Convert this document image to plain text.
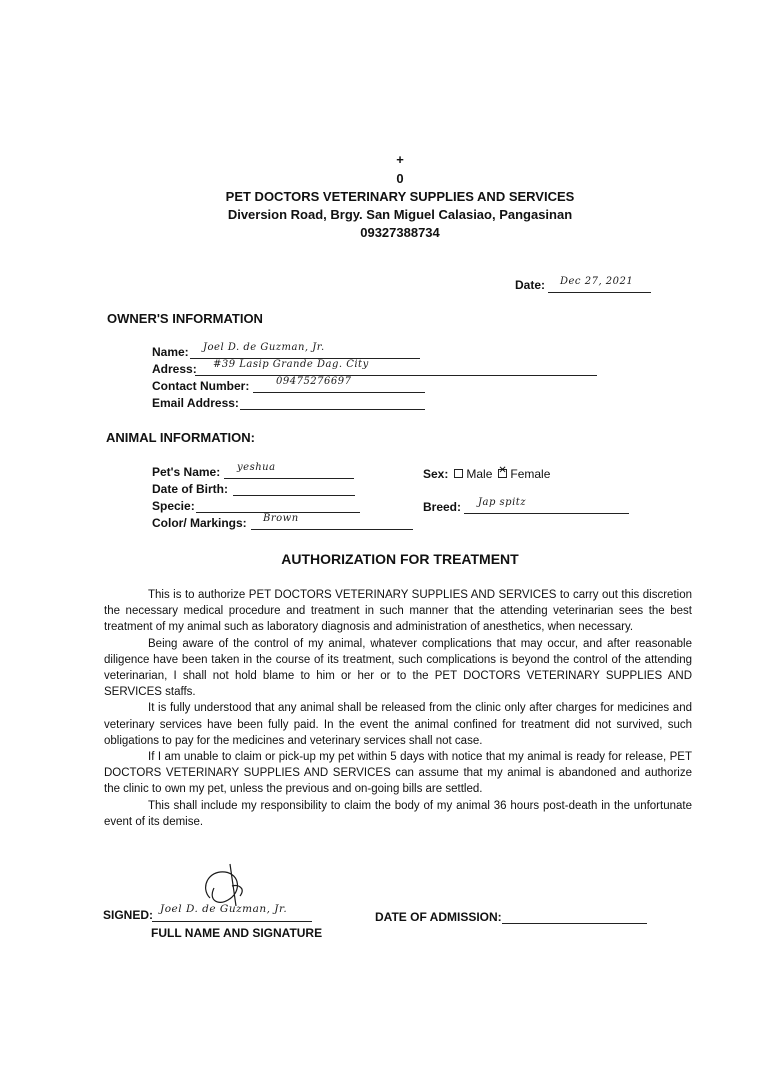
+
0
PET DOCTORS VETERINARY SUPPLIES AND SERVICES
Diversion Road, Brgy. San Miguel Calasiao, Pangasinan
09327388734
Date: Dec 27, 2021
OWNER'S INFORMATION
Name: Joel D. de Guzman, Jr.
Adress: #39 Lasip Grande Dag. City
Contact Number:	09475276697
Email Address:
ANIMAL INFORMATION:
Pet's Name: yeshua
Date of Birth:
Specie:
Color/ Markings: Brown
Sex: Male✕ Female
Breed: Jap spitz
AUTHORIZATION FOR TREATMENT

This is to authorize PET DOCTORS VETERINARY SUPPLIES AND SERVICES to carry out this discretion the necessary medical procedure and treatment in such manner that the attending veterinarian sees the best treatment of my animal such as laboratory diagnosis and administration of anesthetics, when necessary.

Being aware of the control of my animal, whatever complications that may occur, and after reasonable diligence have been taken in the course of its treatment, such complications is beyond the control of the attending veterinarian, I shall not hold blame to him or her or to the PET DOCTORS VETERINARY SUPPLIES AND SERVICES staffs.

It is fully understood that any animal shall be released from the clinic only after charges for medicines and veterinary services have been fully paid. In the event the animal confined for treatment did not survived, such obligations to pay for the medicines and veterinary services shall not case.

If I am unable to claim or pick-up my pet within 5 days with notice that my animal is ready for release, PET DOCTORS VETERINARY SUPPLIES AND SERVICES can assume that my animal is abandoned and authorize the clinic to own my pet, unless the previous and on-going bills are settled.

This shall include my responsibility to claim the body of my animal 36 hours post-death in the unfortunate event of its demise.

SIGNED: Joel D. de Guzman, Jr.
FULL NAME AND SIGNATURE
DATE OF ADMISSION:
